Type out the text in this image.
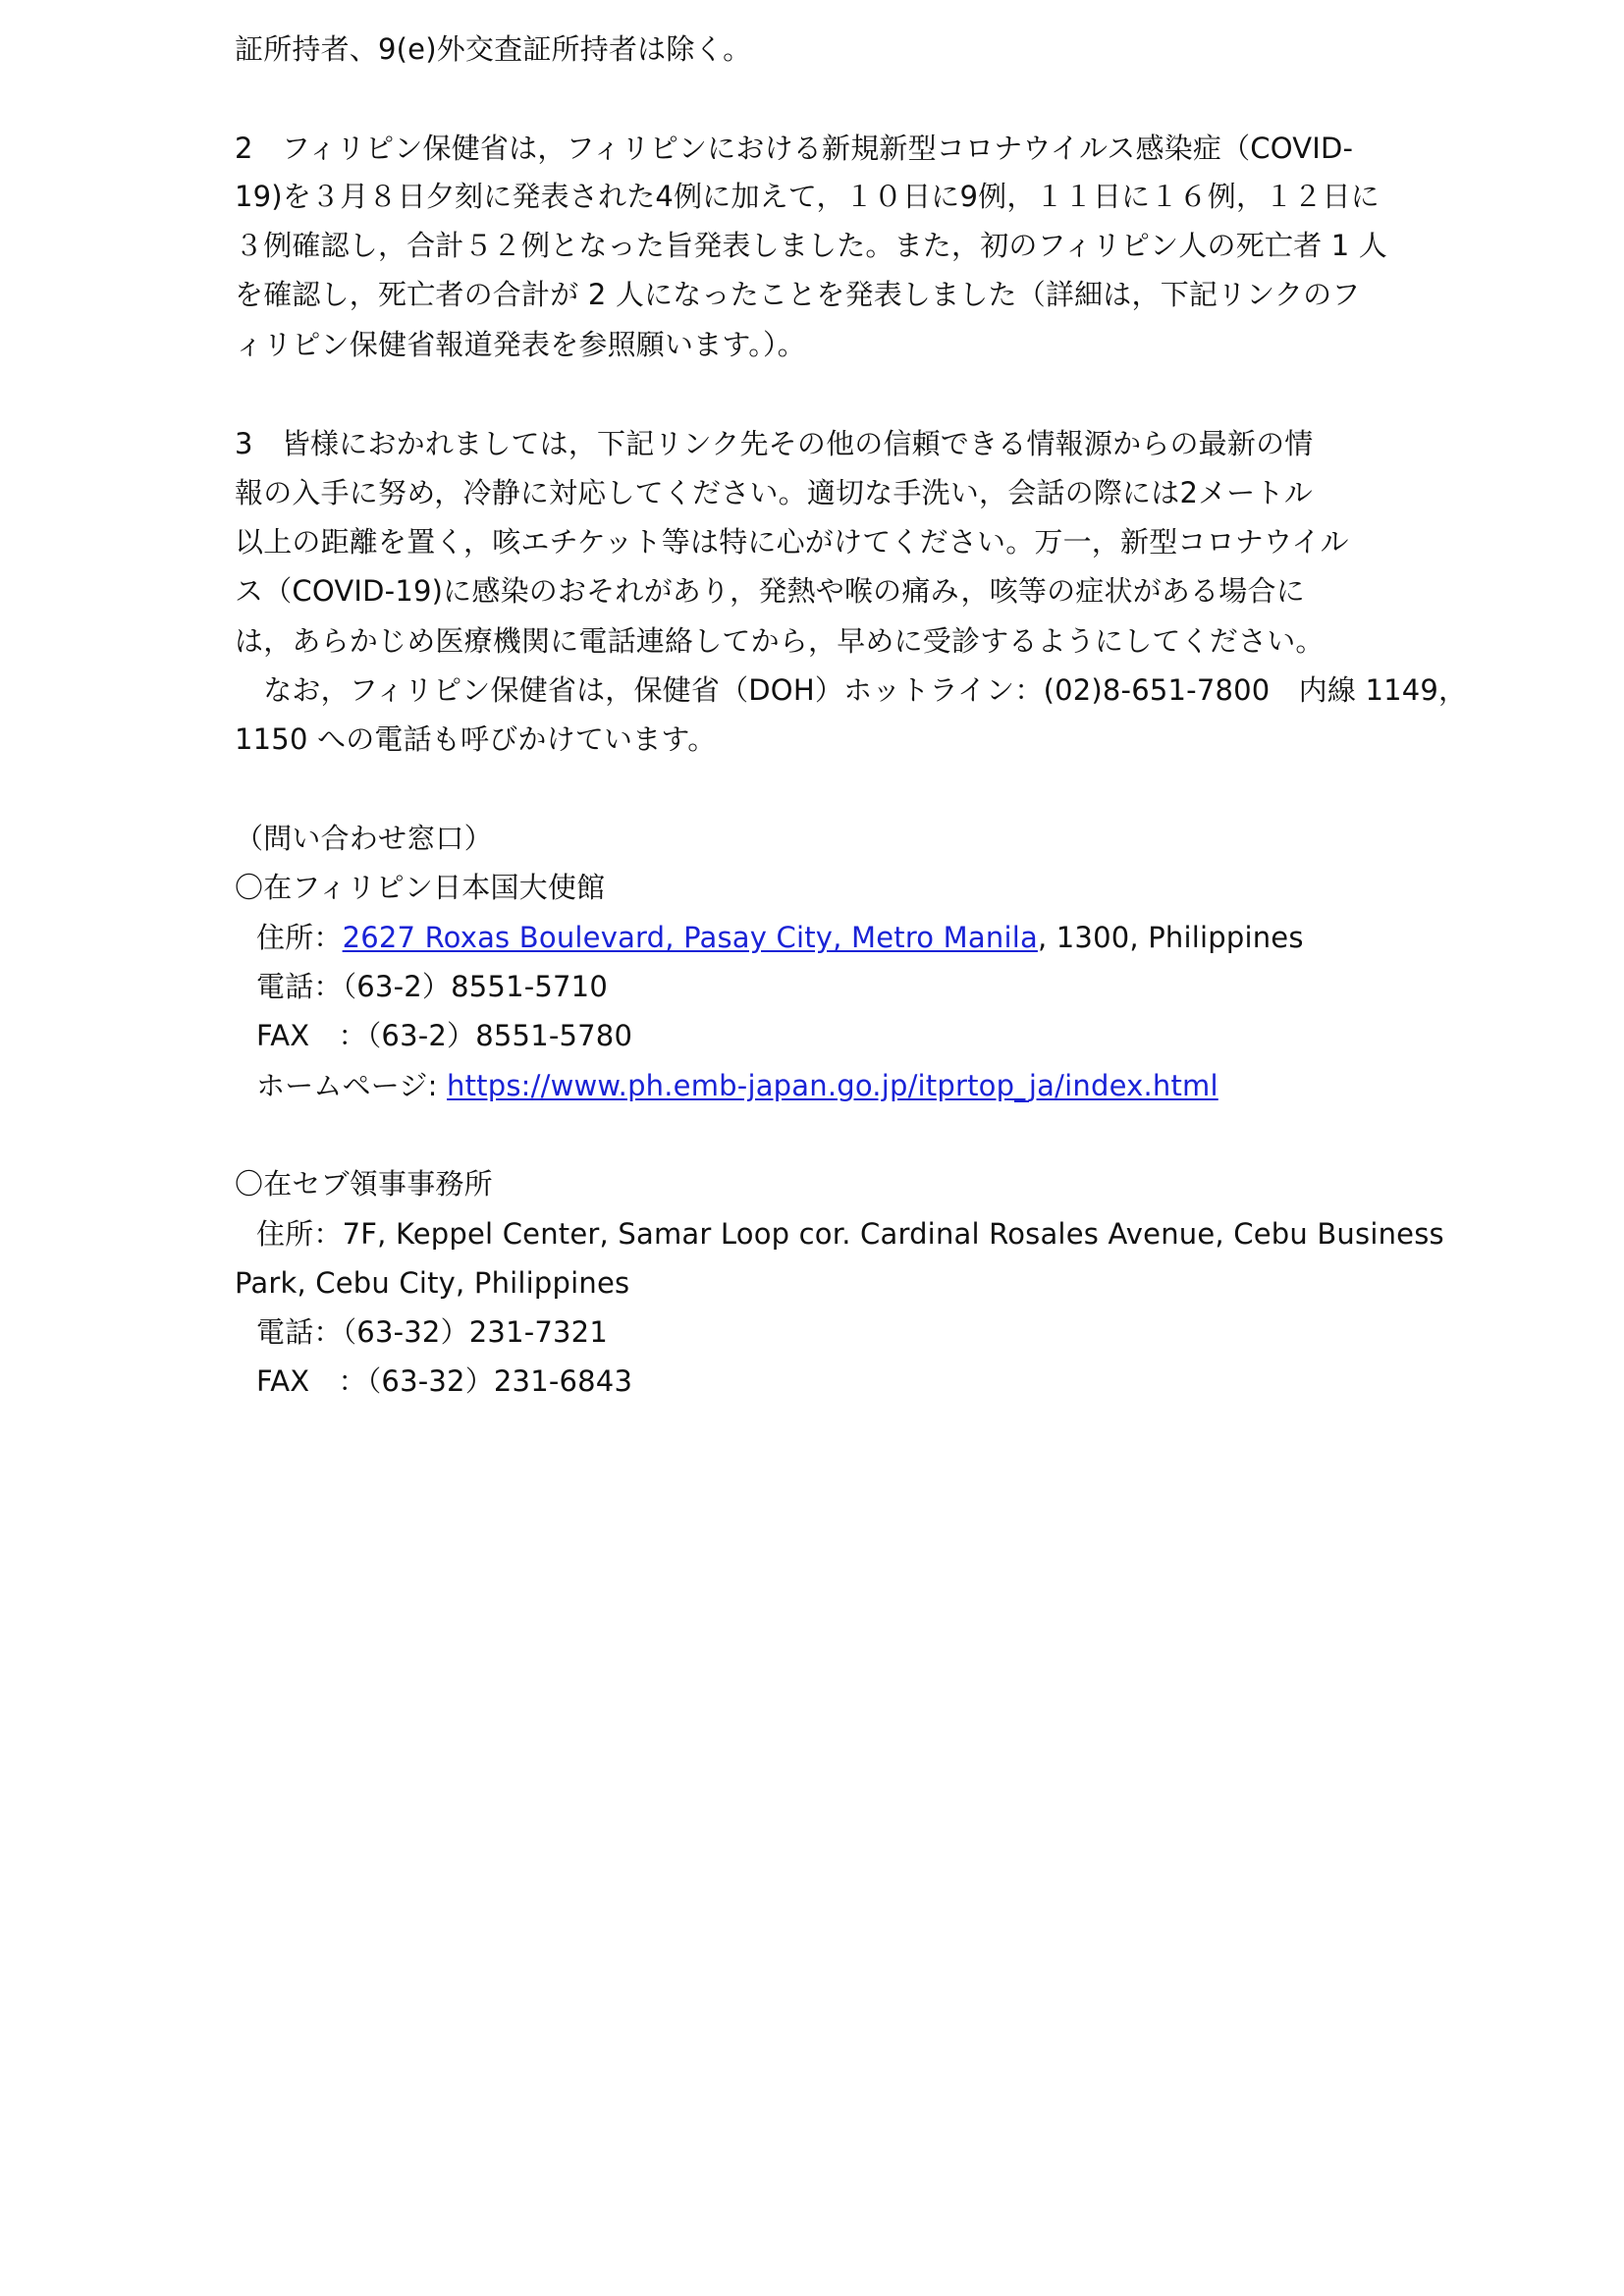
証所持者、9(e)外交査証所持者は除く。
2　フィリピン保健省は，フィリピンにおける新規新型コロナウイルス感染症（COVID-
19)を３月８日夕刻に発表された4例に加えて，１０日に9例，１１日に１６例，１２日に
３例確認し，合計５２例となった旨発表しました。また，初のフィリピン人の死亡者 1 人
を確認し，死亡者の合計が 2 人になったことを発表しました（詳細は，下記リンクのフ
ィリピン保健省報道発表を参照願います。）。
3　皆様におかれましては，下記リンク先その他の信頼できる情報源からの最新の情
報の入手に努め，冷静に対応してください。適切な手洗い，会話の際には2メートル
以上の距離を置く，咳エチケット等は特に心がけてください。万一，新型コロナウイル
ス（COVID-19)に感染のおそれがあり，発熱や喉の痛み，咳等の症状がある場合に
は，あらかじめ医療機関に電話連絡してから，早めに受診するようにしてください。
　なお，フィリピン保健省は，保健省（DOH）ホットライン：(02)8-651-7800　内線 1149，
1150 への電話も呼びかけています。
（問い合わせ窓口）
〇在フィリピン日本国大使館
住所：2627 Roxas Boulevard, Pasay City, Metro Manila, 1300, Philippines
電話：（63-2）8551-5710
FAX　：（63-2）8551-5780
ホームページ: https://www.ph.emb-japan.go.jp/itprtop_ja/index.html
〇在セブ領事事務所
住所：7F, Keppel Center, Samar Loop cor. Cardinal Rosales Avenue, Cebu Business
Park, Cebu City, Philippines
電話：（63-32）231-7321
FAX　：（63-32）231-6843
